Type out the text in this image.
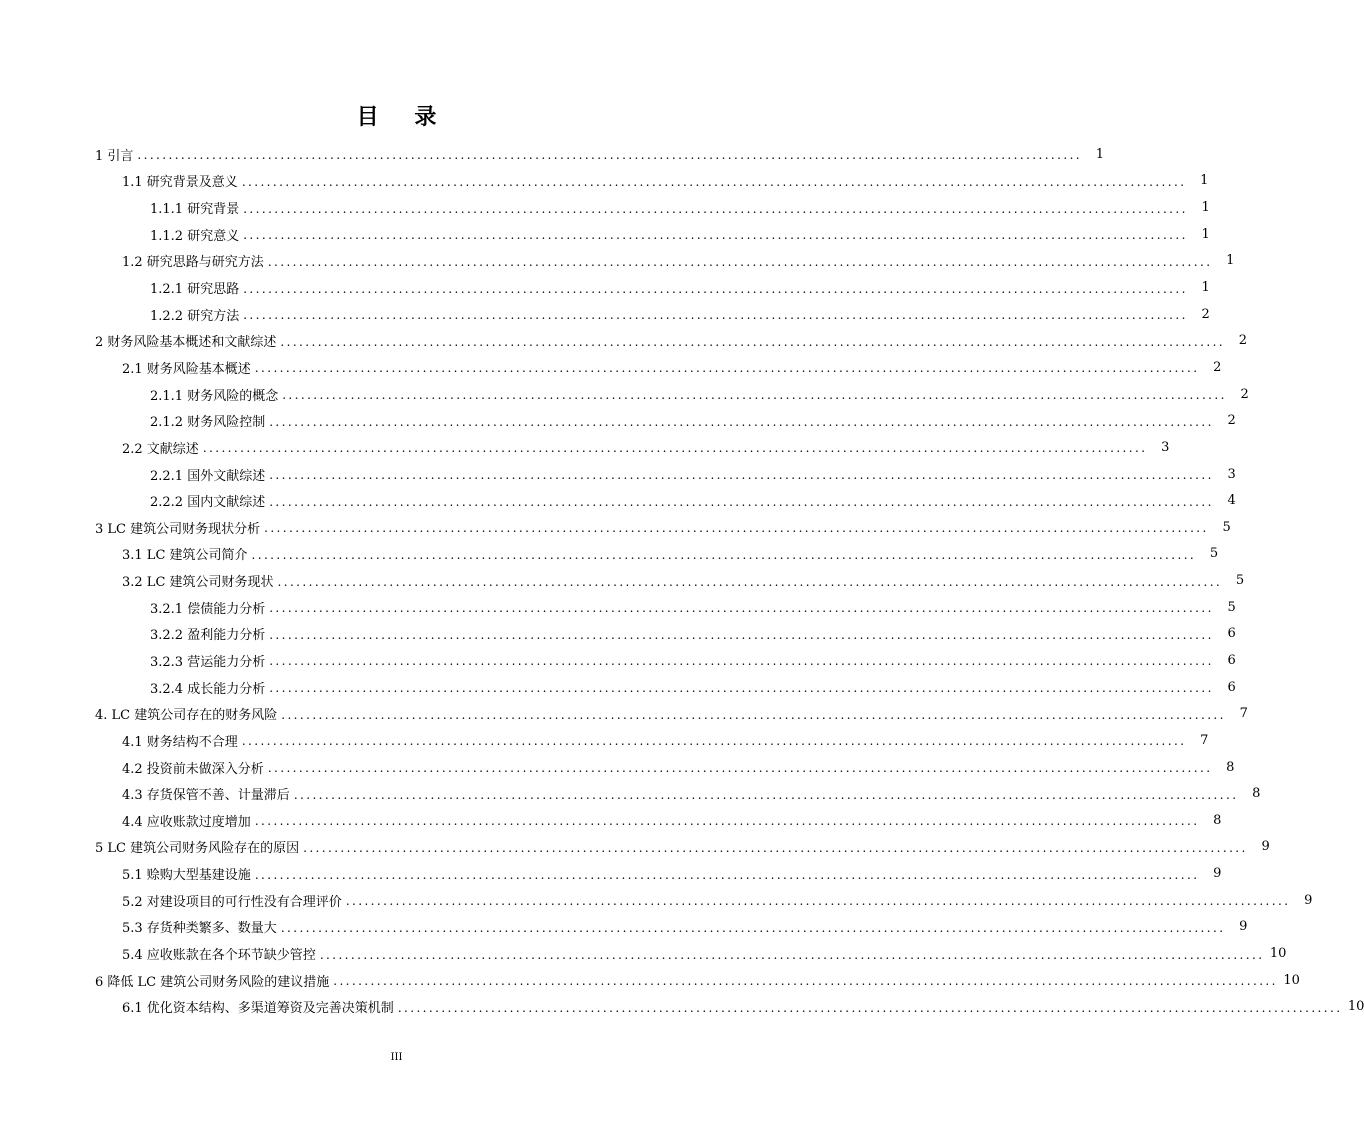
目 录
1 引言 ........................................................................................................................................................	1
1.1 研究背景及意义 ........................................................................................................................................................	1
1.1.1 研究背景 ........................................................................................................................................................	1
1.1.2 研究意义 ........................................................................................................................................................	1
1.2 研究思路与研究方法 ........................................................................................................................................................	1
1.2.1 研究思路 ........................................................................................................................................................	1
1.2.2 研究方法 ........................................................................................................................................................	2
2 财务风险基本概述和文献综述 ........................................................................................................................................................	2
2.1 财务风险基本概述 ........................................................................................................................................................	2
2.1.1 财务风险的概念 ........................................................................................................................................................	2
2.1.2 财务风险控制 ........................................................................................................................................................	2
2.2 文献综述 ........................................................................................................................................................	3
2.2.1 国外文献综述 ........................................................................................................................................................	3
2.2.2 国内文献综述 ........................................................................................................................................................	4
3 LC 建筑公司财务现状分析 ........................................................................................................................................................	5
3.1 LC 建筑公司简介 ........................................................................................................................................................	5
3.2 LC 建筑公司财务现状 ........................................................................................................................................................	5
3.2.1 偿债能力分析 ........................................................................................................................................................	5
3.2.2 盈利能力分析 ........................................................................................................................................................	6
3.2.3 营运能力分析 ........................................................................................................................................................	6
3.2.4 成长能力分析 ........................................................................................................................................................	6
4. LC 建筑公司存在的财务风险 ........................................................................................................................................................	7
4.1 财务结构不合理 ........................................................................................................................................................	7
4.2 投资前未做深入分析 ........................................................................................................................................................	8
4.3 存货保管不善、计量滞后 ........................................................................................................................................................	8
4.4 应收账款过度增加 ........................................................................................................................................................	8
5 LC 建筑公司财务风险存在的原因 ........................................................................................................................................................	9
5.1 赊购大型基建设施 ........................................................................................................................................................	9
5.2 对建设项目的可行性没有合理评价 ........................................................................................................................................................	9
5.3 存货种类繁多、数量大 ........................................................................................................................................................	9
5.4 应收账款在各个环节缺少管控 ........................................................................................................................................................ 10
6 降低 LC 建筑公司财务风险的建议措施 ........................................................................................................................................................ 10
6.1 优化资本结构、多渠道筹资及完善决策机制 ........................................................................................................................................................ 10
III
